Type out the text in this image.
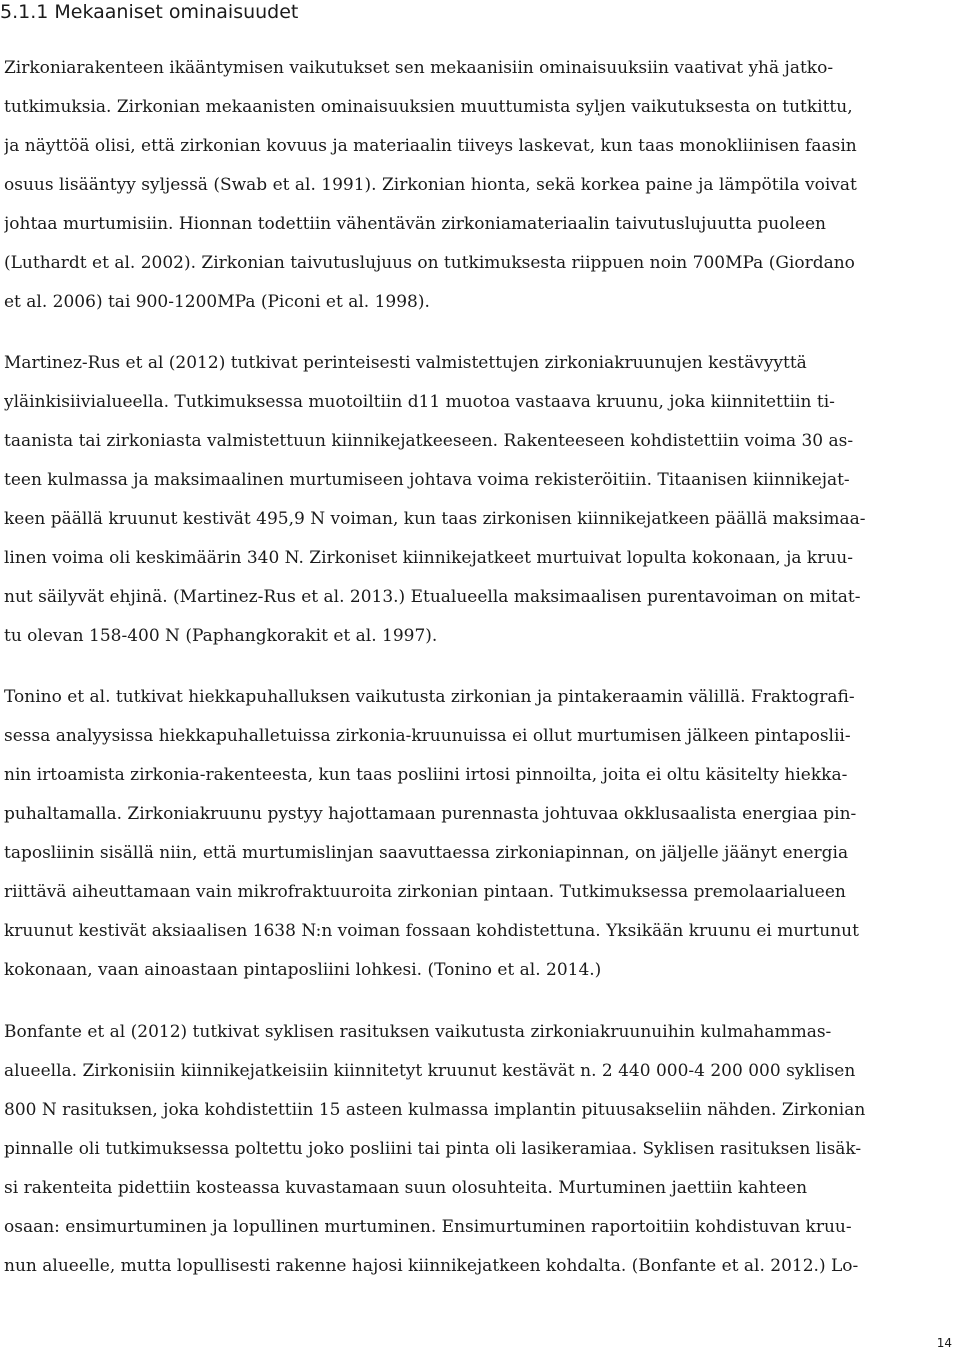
5.1.1 Mekaaniset ominaisuudet
Zirkoniarakenteen ikääntymisen vaikutukset sen mekaanisiin ominaisuuksiin vaativat yhä jatko-
tutkimuksia. Zirkonian mekaanisten ominaisuuksien muuttumista syljen vaikutuksesta on tutkittu,
ja näyttöä olisi, että zirkonian kovuus ja materiaalin tiiveys laskevat, kun taas monokliinisen faasin
osuus lisääntyy syljessä (Swab et al. 1991). Zirkonian hionta, sekä korkea paine ja lämpötila voivat
johtaa murtumisiin. Hionnan todettiin vähentävän zirkoniamateriaalin taivutuslujuutta puoleen
(Luthardt et al. 2002). Zirkonian taivutuslujuus on tutkimuksesta riippuen noin 700MPa (Giordano
et al. 2006) tai 900-1200MPa (Piconi et al. 1998).
Martinez-Rus et al (2012) tutkivat perinteisesti valmistettujen zirkoniakruunujen kestävyyttä
yläinkisiivialueella. Tutkimuksessa muotoiltiin d11 muotoa vastaava kruunu, joka kiinnitettiin ti-
taanista tai zirkoniasta valmistettuun kiinnikejatkeeseen. Rakenteeseen kohdistettiin voima 30 as-
teen kulmassa ja maksimaalinen murtumiseen johtava voima rekisteröitiin. Titaanisen kiinnikejat-
keen päällä kruunut kestivät 495,9 N voiman, kun taas zirkonisen kiinnikejatkeen päällä maksimaa-
linen voima oli keskimäärin 340 N. Zirkoniset kiinnikejatkeet murtuivat lopulta kokonaan, ja kruu-
nut säilyvät ehjinä. (Martinez-Rus et al. 2013.) Etualueella maksimaalisen purentavoiman on mitat-
tu olevan 158-400 N (Paphangkorakit et al. 1997).
Tonino et al. tutkivat hiekkapuhalluksen vaikutusta zirkonian ja pintakeraamin välillä. Fraktografi-
sessa analyysissa hiekkapuhalletuissa zirkonia-kruunuissa ei ollut murtumisen jälkeen pintaposlii-
nin irtoamista zirkonia-rakenteesta, kun taas posliini irtosi pinnoilta, joita ei oltu käsitelty hiekka-
puhaltamalla. Zirkoniakruunu pystyy hajottamaan purennasta johtuvaa okklusaalista energiaa pin-
taposliinin sisällä niin, että murtumislinjan saavuttaessa zirkoniapinnan, on jäljelle jäänyt energia
riittävä aiheuttamaan vain mikrofraktuuroita zirkonian pintaan. Tutkimuksessa premolaarialueen
kruunut kestivät aksiaalisen 1638 N:n voiman fossaan kohdistettuna. Yksikään kruunu ei murtunut
kokonaan, vaan ainoastaan pintaposliini lohkesi. (Tonino et al. 2014.)
Bonfante et al (2012) tutkivat syklisen rasituksen vaikutusta zirkoniakruunuihin kulmahammas-
alueella. Zirkonisiin kiinnikejatkeisiin kiinnitetyt kruunut kestävät n. 2 440 000-4 200 000 syklisen
800 N rasituksen, joka kohdistettiin 15 asteen kulmassa implantin pituusakseliin nähden. Zirkonian
pinnalle oli tutkimuksessa poltettu joko posliini tai pinta oli lasikeramiaa. Syklisen rasituksen lisäk-
si rakenteita pidettiin kosteassa kuvastamaan suun olosuhteita. Murtuminen jaettiin kahteen
osaan: ensimurtuminen ja lopullinen murtuminen. Ensimurtuminen raportoitiin kohdistuvan kruu-
nun alueelle, mutta lopullisesti rakenne hajosi kiinnikejatkeen kohdalta. (Bonfante et al. 2012.) Lo-
14
